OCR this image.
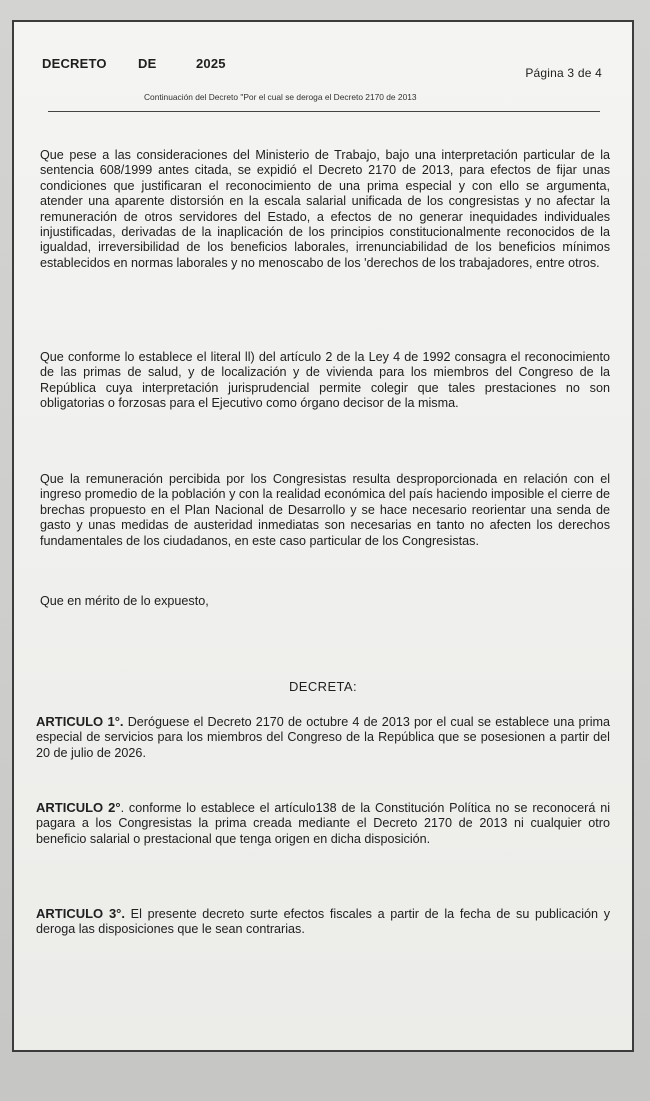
DECRETO DE	2025
Página 3 de 4
Continuación del Decreto "Por el cual se deroga el Decreto 2170 de 2013

Que pese a las consideraciones del Ministerio de Trabajo, bajo una interpretación particular de la sentencia 608/1999 antes citada, se expidió el Decreto 2170 de 2013, para efectos de fijar unas condiciones que justificaran el reconocimiento de una prima especial y con ello se argumenta, atender una aparente distorsión en la escala salarial unificada de los congresistas y no afectar la remuneración de otros servidores del Estado, a efectos de no generar inequidades individuales injustificadas, derivadas de la inaplicación de los principios constitucionalmente reconocidos de la igualdad, irreversibilidad de los beneficios laborales, irrenunciabilidad de los beneficios mínimos establecidos en normas laborales y no menoscabo de los 'derechos de los trabajadores, entre otros.

Que conforme lo establece el literal ll) del artículo 2 de la Ley 4 de 1992 consagra el reconocimiento de las primas de salud, y de localización y de vivienda para los miembros del Congreso de la República cuya interpretación jurisprudencial permite colegir que tales prestaciones no son obligatorias o forzosas para el Ejecutivo como órgano decisor de la misma.

Que la remuneración percibida por los Congresistas resulta desproporcionada en relación con el ingreso promedio de la población y con la realidad económica del país haciendo imposible el cierre de brechas propuesto en el Plan Nacional de Desarrollo y se hace necesario reorientar una senda de gasto y unas medidas de austeridad inmediatas son necesarias en tanto no afecten los derechos fundamentales de los ciudadanos, en este caso particular de los Congresistas.

Que en mérito de lo expuesto,

DECRETA:

ARTICULO 1°. Deróguese el Decreto 2170 de octubre 4 de 2013 por el cual se establece una prima especial de servicios para los miembros del Congreso de la República que se posesionen a partir del 20 de julio de 2026.

ARTICULO 2°. conforme lo establece el artículo138 de la Constitución Política no se reconocerá ni pagara a los Congresistas la prima creada mediante el Decreto 2170 de 2013 ni cualquier otro beneficio salarial o prestacional que tenga origen en dicha disposición.

ARTICULO 3°. El presente decreto surte efectos fiscales a partir de la fecha de su publicación y deroga las disposiciones que le sean contrarias.
